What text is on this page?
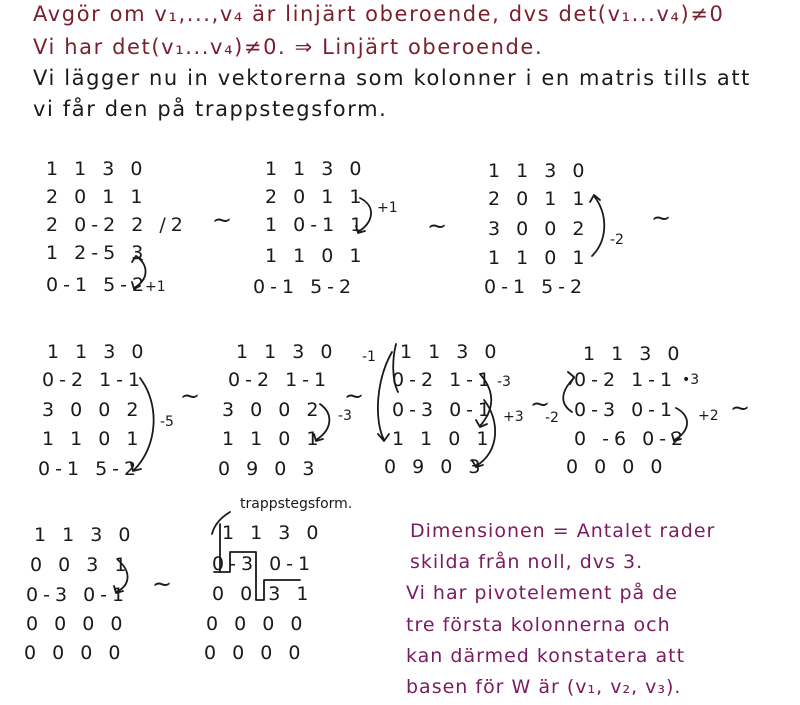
Avgör om v₁,...,v₄ är linjärt oberoende, dvs det(v₁...v₄)≠0
Vi har det(v₁...v₄)≠0. ⇒ Linjärt oberoende.
Vi lägger nu in vektorerna som kolonner i en matris tills att
vi får den på trappstegsform.
1 1 3 0
2 0 1 1
2 0-2 2 /2
1 2-5 3
0-1 5-2
+1
~
1 1 3 0
2 0 1 1
1 0-1 1
1 1 0 1
0-1 5-2
+1
~
1 1 3 0
2 0 1 1
3 0 0 2
1 1 0 1
0-1 5-2
-2
~
1 1 3 0
0-2 1-1
3 0 0 2
1 1 0 1
0-1 5-2
-5
~
1 1 3 0
0-2 1-1
3 0 0 2
1 1 0 1
0 9 0 3
-3
~
1 1 3 0
0-2 1-1
0-3 0-1
1 1 0 1
0 9 0 3
-1
-3
+3 ~
1 1 3 0
0-2 1-1
0-3 0-1
0 -6 0-2
0 0 0 0
-2
•3
+2 ~
1 1 3 0
0 0 3 1
0-3 0-1
0 0 0 0
0 0 0 0
~
trappstegsform.
1 1 3 0
0-3 0-1
0 0 3 1
0 0 0 0
0 0 0 0
Dimensionen = Antalet rader
skilda från noll, dvs 3.
Vi har pivotelement på de
tre första kolonnerna och
kan därmed konstatera att
basen för W är (v₁, v₂, v₃).
